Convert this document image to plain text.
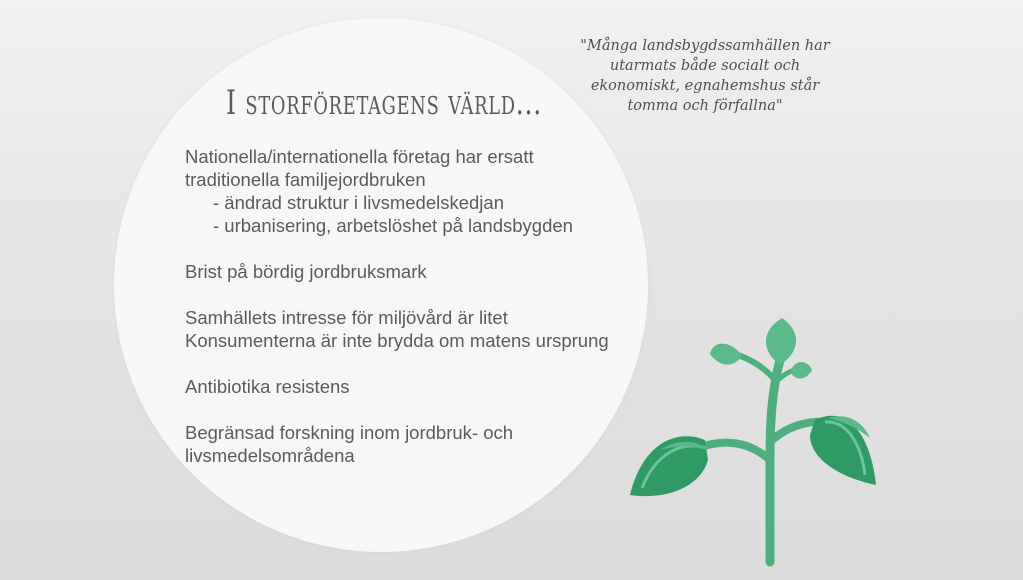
I storföretagens värld...

Nationella/internationella företag har ersatt traditionella familjejordbruken

- ändrad struktur i livsmedelskedjan

- urbanisering, arbetslöshet på landsbygden

Brist på bördig jordbruksmark

Samhällets intresse för miljövård är litet

Konsumenterna är inte brydda om matens ursprung

Antibiotika resistens

Begränsad forskning inom jordbruk- och livsmedelsområdena

"Många landsbygdssamhällen har utarmats både socialt och ekonomiskt, egnahemshus står tomma och förfallna"
